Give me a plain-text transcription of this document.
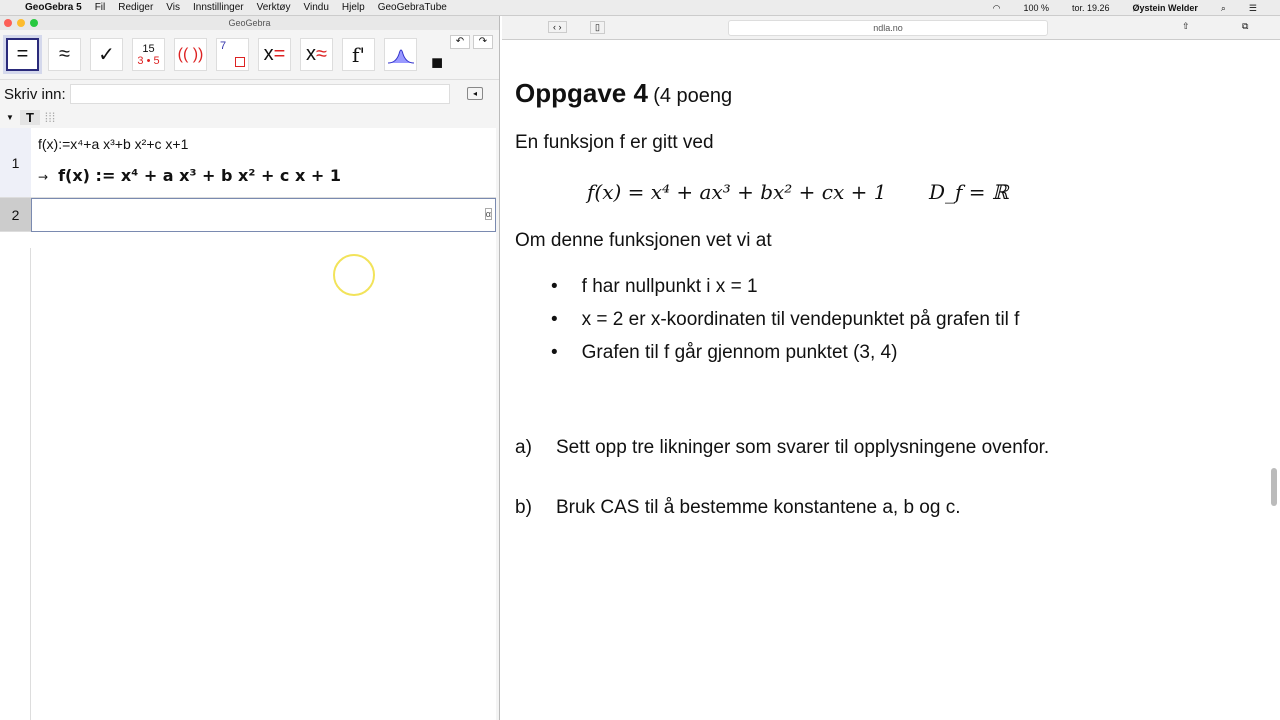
GeoGebra 5 Fil Rediger Vis Innstillinger Verktøy Vindu Hjelp GeoGebraTube	◠	100 %	tor. 19.26	Øystein Welder	⌕	☰
GeoGebra
= ≈ ✓	15
3 • 5 (( )) 7 x = x ≈ f'	■
↶	↷
Skriv inn:	◂
▼ T ⁞⁞⁞
1
f(x):=x⁴+a x³+b x²+c x+1
→ f(x) := x⁴ + a x³ + b x² + c x + 1
2	α
‹ ›	▯	ndla.no	⇧	⧉
Oppgave 4 (4 poeng
En funksjon f er gitt ved
f(x) = x⁴ + ax³ + bx² + cx + 1 D_f = ℝ
Om denne funksjonen vet vi at
• f har nullpunkt i x = 1
• x = 2 er x-koordinaten til vendepunktet på grafen til f
• Grafen til f går gjennom punktet (3, 4)
a) Sett opp tre likninger som svarer til opplysningene ovenfor.
b) Bruk CAS til å bestemme konstantene a, b og c.
